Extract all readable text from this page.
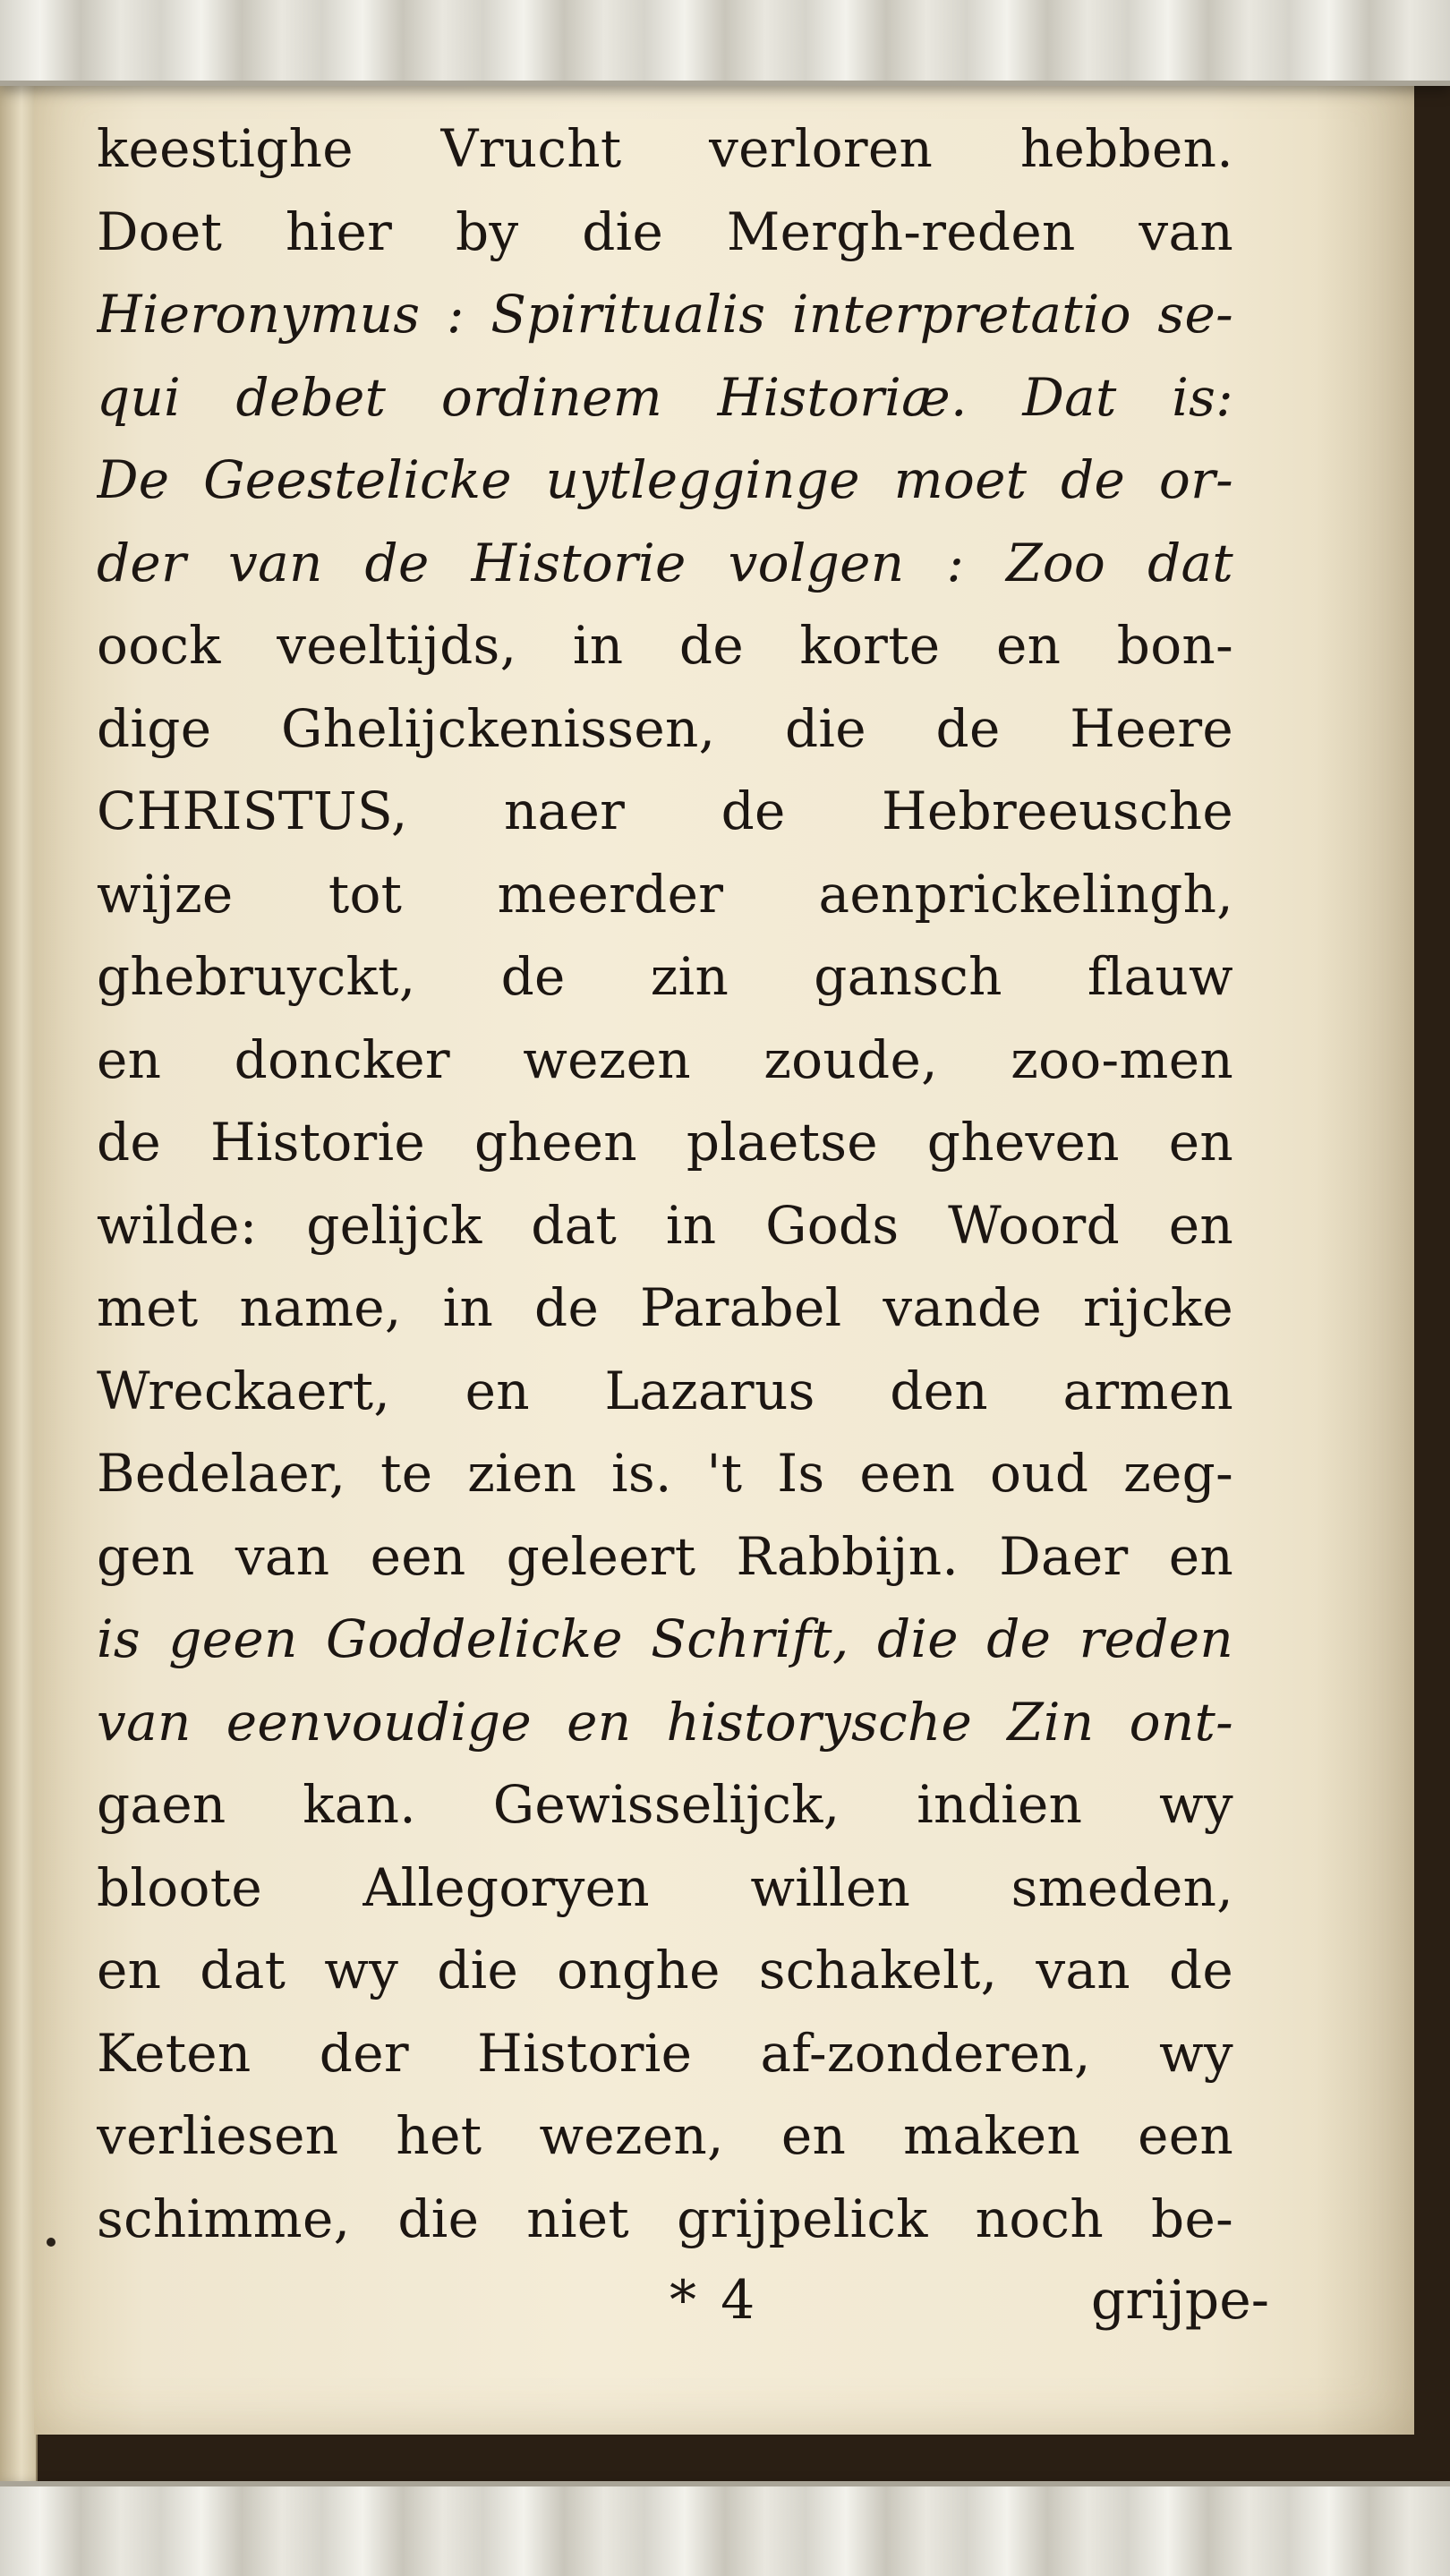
keestighe Vrucht verloren hebben.
Doet hier by die Mergh-reden van
Hieronymus : Spiritualis interpretatio se-
qui debet ordinem Historiæ. Dat is:
De Geestelicke uytlegginge moet de or-
der van de Historie volgen : Zoo dat
oock veeltijds, in de korte en bon-
dige Ghelijckenissen, die de Heere
CHRISTUS, naer de Hebreeusche
wijze tot meerder aenprickelingh,
ghebruyckt, de zin gansch flauw
en doncker wezen zoude, zoo-men
de Historie gheen plaetse gheven en
wilde: gelijck dat in Gods Woord en
met name, in de Parabel vande rijcke
Wreckaert, en Lazarus den armen
Bedelaer, te zien is. 't Is een oud zeg-
gen van een geleert Rabbijn. Daer en
is geen Goddelicke Schrift, die de reden
van eenvoudige en historysche Zin ont-
gaen kan. Gewisselijck, indien wy
bloote Allegoryen willen smeden,
en dat wy die onghe schakelt, van de
Keten der Historie af-zonderen, wy
verliesen het wezen, en maken een
schimme, die niet grijpelick noch be-
* 4	grijpe-
